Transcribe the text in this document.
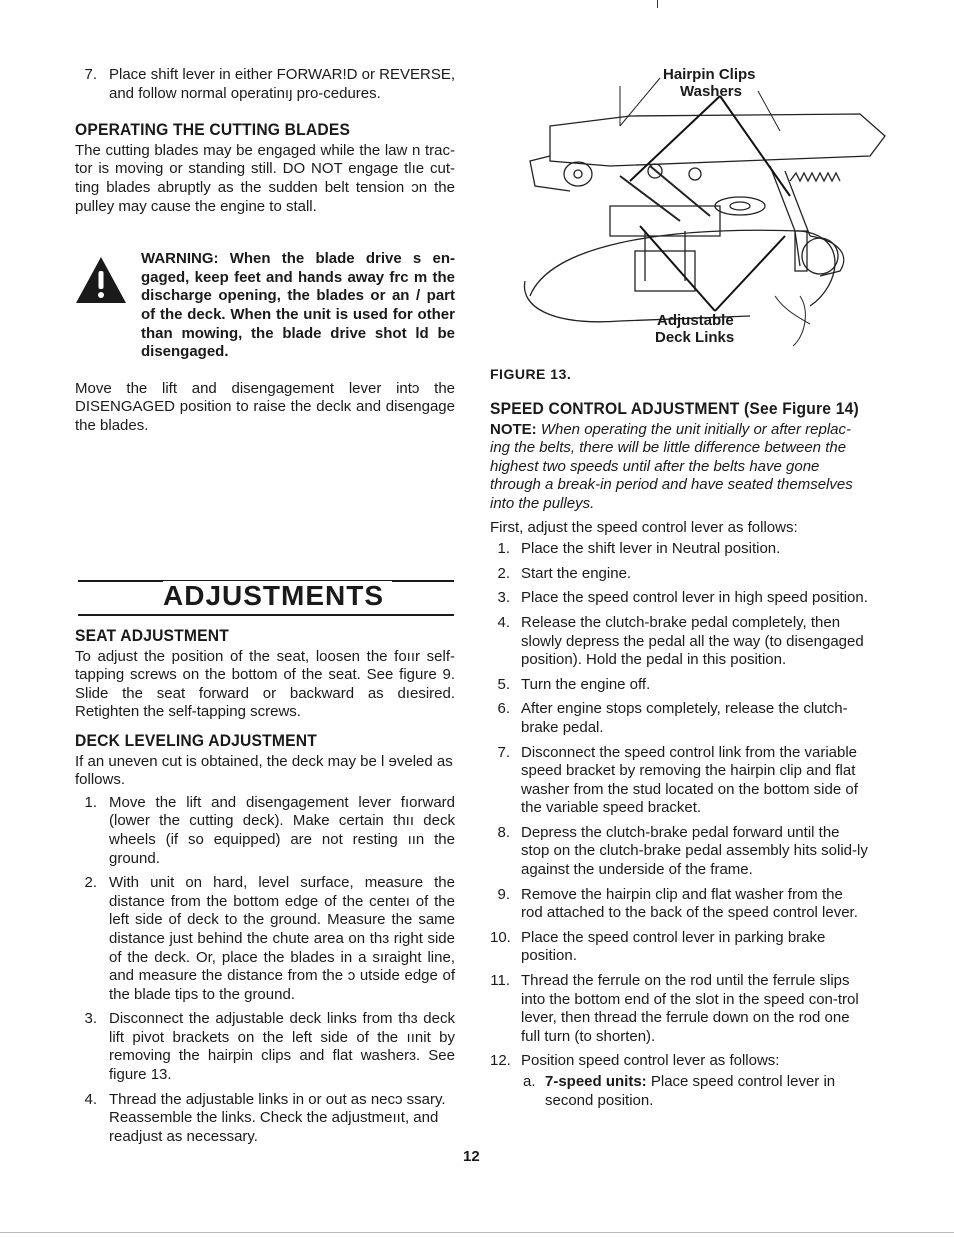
7. Place shift lever in either FORWAR!D or REVERSE, and follow normal operatinıȷ pro-cedures.
OPERATING THE CUTTING BLADES

The cutting blades may be engaged while the law n trac-tor is moving or standing still. DO NOT engage tlıe cut-ting blades abruptly as the sudden belt tension ɔn the pulley may cause the engine to stall.

WARNING: When the blade drive s en-gaged, keep feet and hands away frc m the discharge opening, the blades or an / part of the deck. When the unit is used for other than mowing, the blade drive shot ld be disengaged.

Move the lift and disengagement lever intɔ the DISENGAGED position to raise the declĸ and disengage the blades.

ADJUSTMENTS
SEAT ADJUSTMENT

To adjust the position of the seat, loosen the foıır self-tapping screws on the bottom of the seat. See figure 9. Slide the seat forward or backward as dıesired. Retighten the self-tapping screws.

DECK LEVELING ADJUSTMENT

If an uneven cut is obtained, the deck may be l ɘveled as follows.

1. Move the lift and disengagement lever fıorward (lower the cutting deck). Make certain thıı deck wheels (if so equipped) are not resting ıın the ground.
2. With unit on hard, level surface, measuɾe the distance from the bottom edge of the centeı of the left side of deck to the ground. Measure the same distance just behind the chute area on thɜ right side of the deck. Or, place the blades in a sıraight line, and measure the distance from the ɔ utside edge of the blade tips to the ground.
3. Disconnect the adjustable deck links from thɜ deck lift pivot brackets on the left side of the ıınit by removing the hairpin clips and flat washerɜ. See figure 13.
4. Thread the adjustable links in or out as necɔ ssary. Reassemble the links. Check the adjustmeııt, and readjust as necessary.
Hairpin Clips
Washers
Adjustable
Deck Links
FIGURE 13.
SPEED CONTROL ADJUSTMENT (See Figure 14)

NOTE: When operating the unit initially or after replac-ing the belts, there will be little difference between the highest two speeds until after the belts have gone through a break-in period and have seated themselves into the pulleys.

First, adjust the speed control lever as follows:

1. Place the shift lever in Neutral position.
2. Start the engine.
3. Place the speed control lever in high speed position.
4. Release the clutch-brake pedal completely, then slowly depress the pedal all the way (to disengaged position). Hold the pedal in this position.
5. Turn the engine off.
6. After engine stops completely, release the clutch-brake pedal.
7. Disconnect the speed control link from the variable speed bracket by removing the hairpin clip and flat washer from the stud located on the bottom side of the variable speed bracket.
8. Depress the clutch-brake pedal forward until the stop on the clutch-brake pedal assembly hits solid-ly against the underside of the frame.
9. Remove the hairpin clip and flat washer from the rod attached to the back of the speed control lever.
10. Place the speed control lever in parking brake position.
11. Thread the ferrule on the rod until the ferrule slips into the bottom end of the slot in the speed con-trol lever, then thread the ferrule down on the rod one full turn (to shorten).
12. Position speed control lever as follows:
a. 7-speed units: Place speed control lever in second position.
12
